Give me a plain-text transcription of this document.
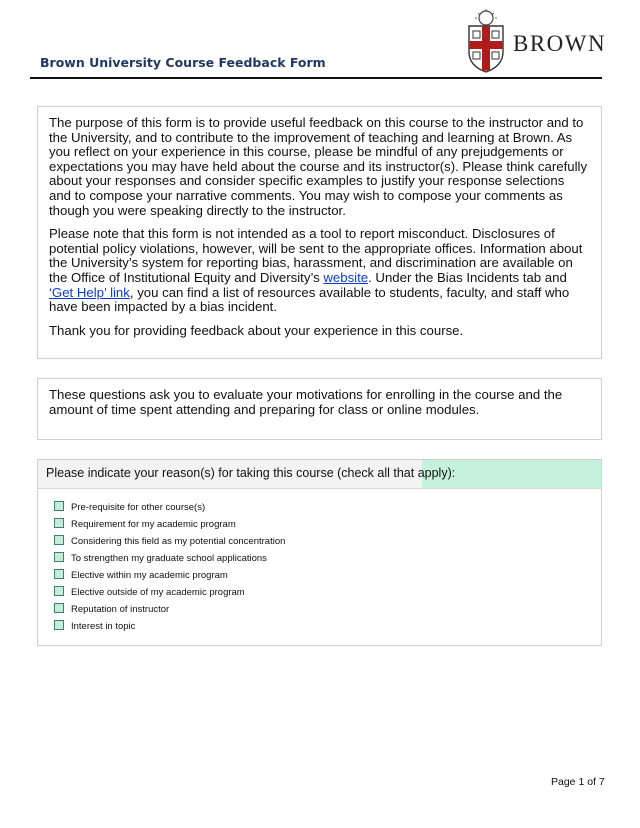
Brown University Course Feedback Form
BROWN

The purpose of this form is to provide useful feedback on this course to the instructor and to the University, and to contribute to the improvement of teaching and learning at Brown. As you reflect on your experience in this course, please be mindful of any prejudgements or expectations you may have held about the course and its instructor(s). Please think carefully about your responses and consider specific examples to justify your response selections and to compose your narrative comments. You may wish to compose your comments as though you were speaking directly to the instructor.

Please note that this form is not intended as a tool to report misconduct. Disclosures of potential policy violations, however, will be sent to the appropriate offices. Information about the University’s system for reporting bias, harassment, and discrimination are available on the Office of Institutional Equity and Diversity’s website. Under the Bias Incidents tab and ‘Get Help’ link, you can find a list of resources available to students, faculty, and staff who have been impacted by a bias incident.

Thank you for providing feedback about your experience in this course.

These questions ask you to evaluate your motivations for enrolling in the course and the amount of time spent attending and preparing for class or online modules.

Please indicate your reason(s) for taking this course (check all that apply):
Pre-requisite for other course(s)
Requirement for my academic program
Considering this field as my potential concentration
To strengthen my graduate school applications
Elective within my academic program
Elective outside of my academic program
Reputation of instructor
Interest in topic
Page 1 of 7
